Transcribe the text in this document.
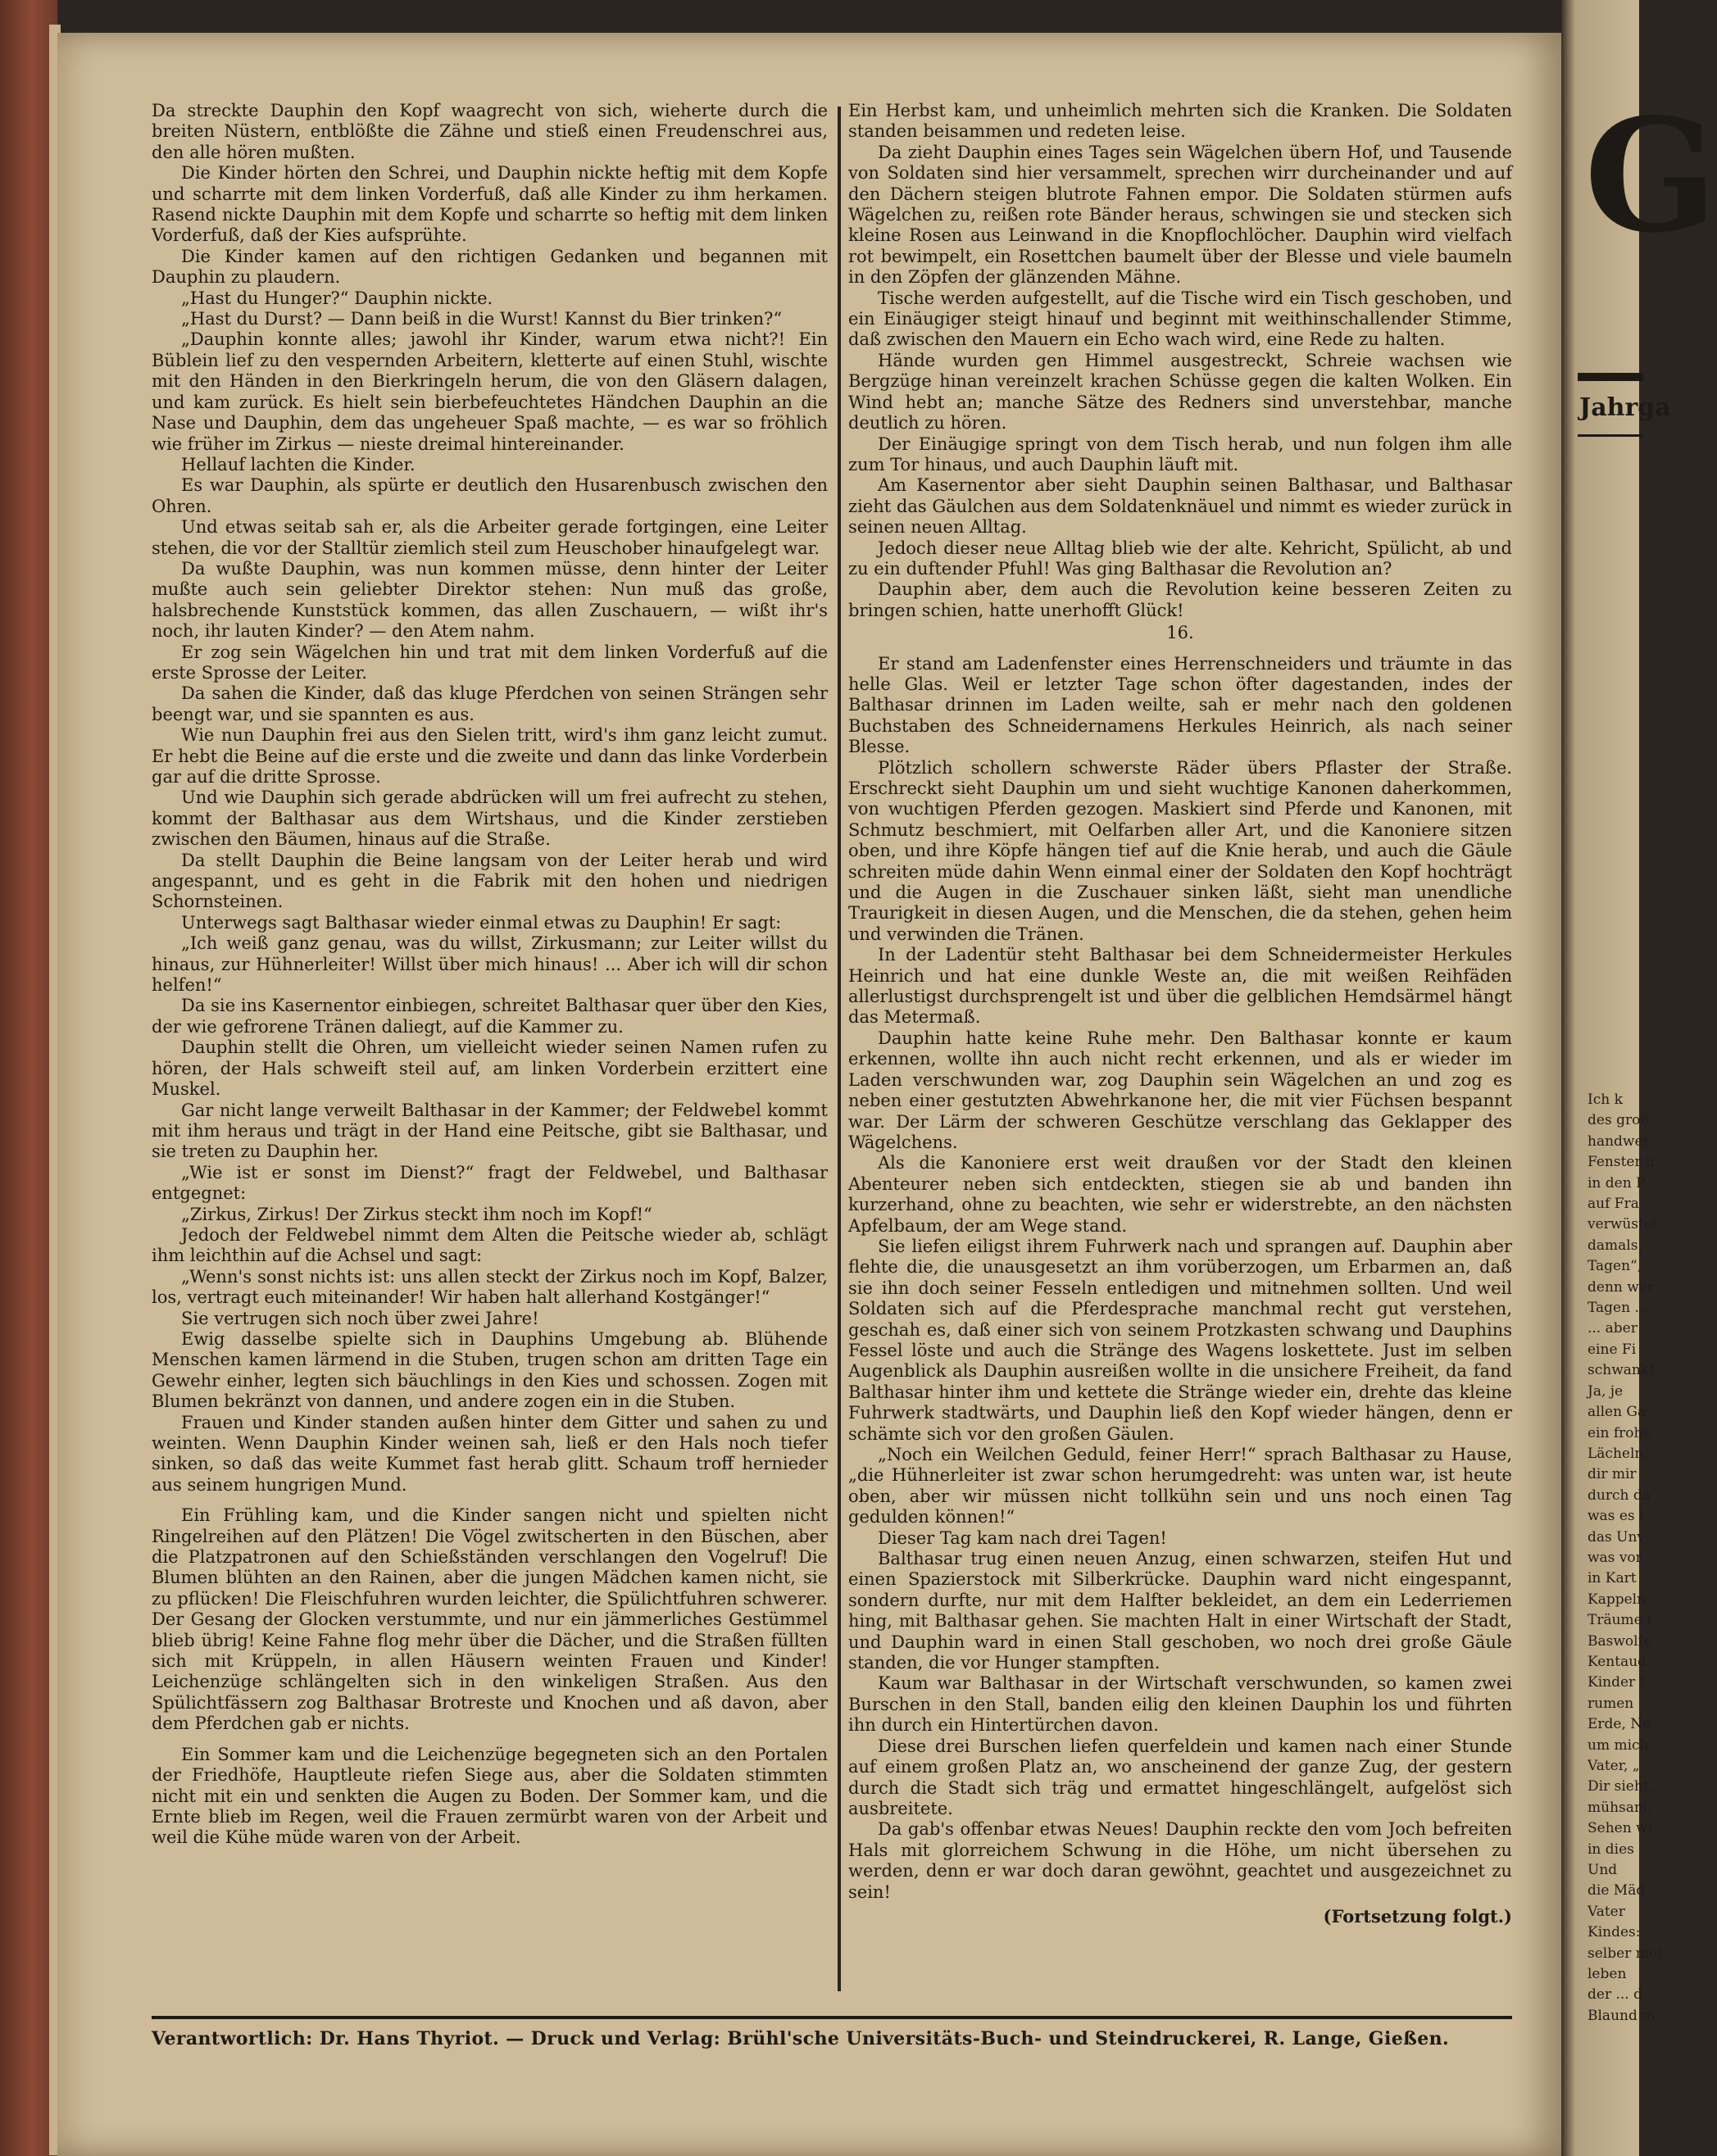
Da streckte Dauphin den Kopf waagrecht von sich, wieherte durch die breiten Nüstern, entblößte die Zähne und stieß einen Freudenschrei aus, den alle hören mußten.

Die Kinder hörten den Schrei, und Dauphin nickte heftig mit dem Kopfe und scharrte mit dem linken Vorderfuß, daß alle Kinder zu ihm herkamen. Rasend nickte Dauphin mit dem Kopfe und scharrte so heftig mit dem linken Vorderfuß, daß der Kies aufsprühte.

Die Kinder kamen auf den richtigen Gedanken und begannen mit Dauphin zu plaudern.

„Hast du Hunger?“ Dauphin nickte.

„Hast du Durst? — Dann beiß in die Wurst! Kannst du Bier trinken?“

„Dauphin konnte alles; jawohl ihr Kinder, warum etwa nicht?! Ein Büblein lief zu den vespernden Arbeitern, kletterte auf einen Stuhl, wischte mit den Händen in den Bierkringeln herum, die von den Gläsern dalagen, und kam zurück. Es hielt sein bierbefeuchtetes Händchen Dauphin an die Nase und Dauphin, dem das ungeheuer Spaß machte, — es war so fröhlich wie früher im Zirkus — nieste dreimal hintereinander.

Hellauf lachten die Kinder.

Es war Dauphin, als spürte er deutlich den Husarenbusch zwischen den Ohren.

Und etwas seitab sah er, als die Arbeiter gerade fortgingen, eine Leiter stehen, die vor der Stalltür ziemlich steil zum Heuschober hinaufgelegt war.

Da wußte Dauphin, was nun kommen müsse, denn hinter der Leiter mußte auch sein geliebter Direktor stehen: Nun muß das große, halsbrechende Kunststück kommen, das allen Zuschauern, — wißt ihr's noch, ihr lauten Kinder? — den Atem nahm.

Er zog sein Wägelchen hin und trat mit dem linken Vorderfuß auf die erste Sprosse der Leiter.

Da sahen die Kinder, daß das kluge Pferdchen von seinen Strängen sehr beengt war, und sie spannten es aus.

Wie nun Dauphin frei aus den Sielen tritt, wird's ihm ganz leicht zumut. Er hebt die Beine auf die erste und die zweite und dann das linke Vorderbein gar auf die dritte Sprosse.

Und wie Dauphin sich gerade abdrücken will um frei aufrecht zu stehen, kommt der Balthasar aus dem Wirtshaus, und die Kinder zerstieben zwischen den Bäumen, hinaus auf die Straße.

Da stellt Dauphin die Beine langsam von der Leiter herab und wird angespannt, und es geht in die Fabrik mit den hohen und niedrigen Schornsteinen.

Unterwegs sagt Balthasar wieder einmal etwas zu Dauphin! Er sagt:

„Ich weiß ganz genau, was du willst, Zirkusmann; zur Leiter willst du hinaus, zur Hühnerleiter! Willst über mich hinaus! ... Aber ich will dir schon helfen!“

Da sie ins Kasernentor einbiegen, schreitet Balthasar quer über den Kies, der wie gefrorene Tränen daliegt, auf die Kammer zu.

Dauphin stellt die Ohren, um vielleicht wieder seinen Namen rufen zu hören, der Hals schweift steil auf, am linken Vorderbein erzittert eine Muskel.

Gar nicht lange verweilt Balthasar in der Kammer; der Feldwebel kommt mit ihm heraus und trägt in der Hand eine Peitsche, gibt sie Balthasar, und sie treten zu Dauphin her.

„Wie ist er sonst im Dienst?“ fragt der Feldwebel, und Balthasar entgegnet:

„Zirkus, Zirkus! Der Zirkus steckt ihm noch im Kopf!“

Jedoch der Feldwebel nimmt dem Alten die Peitsche wieder ab, schlägt ihm leichthin auf die Achsel und sagt:

„Wenn's sonst nichts ist: uns allen steckt der Zirkus noch im Kopf, Balzer, los, vertragt euch miteinander! Wir haben halt allerhand Kostgänger!“

Sie vertrugen sich noch über zwei Jahre!

Ewig dasselbe spielte sich in Dauphins Umgebung ab. Blühende Menschen kamen lärmend in die Stuben, trugen schon am dritten Tage ein Gewehr einher, legten sich bäuchlings in den Kies und schossen. Zogen mit Blumen bekränzt von dannen, und andere zogen ein in die Stuben.

Frauen und Kinder standen außen hinter dem Gitter und sahen zu und weinten. Wenn Dauphin Kinder weinen sah, ließ er den Hals noch tiefer sinken, so daß das weite Kummet fast herab glitt. Schaum troff hernieder aus seinem hungrigen Mund.

Ein Frühling kam, und die Kinder sangen nicht und spielten nicht Ringelreihen auf den Plätzen! Die Vögel zwitscherten in den Büschen, aber die Platzpatronen auf den Schießständen verschlangen den Vogelruf! Die Blumen blühten an den Rainen, aber die jungen Mädchen kamen nicht, sie zu pflücken! Die Fleischfuhren wurden leichter, die Spülichtfuhren schwerer. Der Gesang der Glocken verstummte, und nur ein jämmerliches Gestümmel blieb übrig! Keine Fahne flog mehr über die Dächer, und die Straßen füllten sich mit Krüppeln, in allen Häusern weinten Frauen und Kinder! Leichenzüge schlängelten sich in den winkeligen Straßen. Aus den Spülichtfässern zog Balthasar Brotreste und Knochen und aß davon, aber dem Pferdchen gab er nichts.

Ein Sommer kam und die Leichenzüge begegneten sich an den Portalen der Friedhöfe, Hauptleute riefen Siege aus, aber die Soldaten stimmten nicht mit ein und senkten die Augen zu Boden. Der Sommer kam, und die Ernte blieb im Regen, weil die Frauen zermürbt waren von der Arbeit und weil die Kühe müde waren von der Arbeit.

Ein Herbst kam, und unheimlich mehrten sich die Kranken. Die Soldaten standen beisammen und redeten leise.

Da zieht Dauphin eines Tages sein Wägelchen übern Hof, und Tausende von Soldaten sind hier versammelt, sprechen wirr durcheinander und auf den Dächern steigen blutrote Fahnen empor. Die Soldaten stürmen aufs Wägelchen zu, reißen rote Bänder heraus, schwingen sie und stecken sich kleine Rosen aus Leinwand in die Knopflochlöcher. Dauphin wird vielfach rot bewimpelt, ein Rosettchen baumelt über der Blesse und viele baumeln in den Zöpfen der glänzenden Mähne.

Tische werden aufgestellt, auf die Tische wird ein Tisch geschoben, und ein Einäugiger steigt hinauf und beginnt mit weithinschallender Stimme, daß zwischen den Mauern ein Echo wach wird, eine Rede zu halten.

Hände wurden gen Himmel ausgestreckt, Schreie wachsen wie Bergzüge hinan vereinzelt krachen Schüsse gegen die kalten Wolken. Ein Wind hebt an; manche Sätze des Redners sind unverstehbar, manche deutlich zu hören.

Der Einäugige springt von dem Tisch herab, und nun folgen ihm alle zum Tor hinaus, und auch Dauphin läuft mit.

Am Kasernentor aber sieht Dauphin seinen Balthasar, und Balthasar zieht das Gäulchen aus dem Soldatenknäuel und nimmt es wieder zurück in seinen neuen Alltag.

Jedoch dieser neue Alltag blieb wie der alte. Kehricht, Spülicht, ab und zu ein duftender Pfuhl! Was ging Balthasar die Revolution an?

Dauphin aber, dem auch die Revolution keine besseren Zeiten zu bringen schien, hatte unerhofft Glück!

16.

Er stand am Ladenfenster eines Herrenschneiders und träumte in das helle Glas. Weil er letzter Tage schon öfter dagestanden, indes der Balthasar drinnen im Laden weilte, sah er mehr nach den goldenen Buchstaben des Schneidernamens Herkules Heinrich, als nach seiner Blesse.

Plötzlich schollern schwerste Räder übers Pflaster der Straße. Erschreckt sieht Dauphin um und sieht wuchtige Kanonen daherkommen, von wuchtigen Pferden gezogen. Maskiert sind Pferde und Kanonen, mit Schmutz beschmiert, mit Oelfarben aller Art, und die Kanoniere sitzen oben, und ihre Köpfe hängen tief auf die Knie herab, und auch die Gäule schreiten müde dahin Wenn einmal einer der Soldaten den Kopf hochträgt und die Augen in die Zuschauer sinken läßt, sieht man unendliche Traurigkeit in diesen Augen, und die Menschen, die da stehen, gehen heim und verwinden die Tränen.

In der Ladentür steht Balthasar bei dem Schneidermeister Herkules Heinrich und hat eine dunkle Weste an, die mit weißen Reihfäden allerlustigst durchsprengelt ist und über die gelblichen Hemdsärmel hängt das Metermaß.

Dauphin hatte keine Ruhe mehr. Den Balthasar konnte er kaum erkennen, wollte ihn auch nicht recht erkennen, und als er wieder im Laden verschwunden war, zog Dauphin sein Wägelchen an und zog es neben einer gestutzten Abwehrkanone her, die mit vier Füchsen bespannt war. Der Lärm der schweren Geschütze verschlang das Geklapper des Wägelchens.

Als die Kanoniere erst weit draußen vor der Stadt den kleinen Abenteurer neben sich entdeckten, stiegen sie ab und banden ihn kurzerhand, ohne zu beachten, wie sehr er widerstrebte, an den nächsten Apfelbaum, der am Wege stand.

Sie liefen eiligst ihrem Fuhrwerk nach und sprangen auf. Dauphin aber flehte die, die unausgesetzt an ihm vorüberzogen, um Erbarmen an, daß sie ihn doch seiner Fesseln entledigen und mitnehmen sollten. Und weil Soldaten sich auf die Pferdesprache manchmal recht gut verstehen, geschah es, daß einer sich von seinem Protzkasten schwang und Dauphins Fessel löste und auch die Stränge des Wagens loskettete. Just im selben Augenblick als Dauphin ausreißen wollte in die unsichere Freiheit, da fand Balthasar hinter ihm und kettete die Stränge wieder ein, drehte das kleine Fuhrwerk stadtwärts, und Dauphin ließ den Kopf wieder hängen, denn er schämte sich vor den großen Gäulen.

„Noch ein Weilchen Geduld, feiner Herr!“ sprach Balthasar zu Hause, „die Hühnerleiter ist zwar schon herumgedreht: was unten war, ist heute oben, aber wir müssen nicht tollkühn sein und uns noch einen Tag gedulden können!“

Dieser Tag kam nach drei Tagen!

Balthasar trug einen neuen Anzug, einen schwarzen, steifen Hut und einen Spazierstock mit Silberkrücke. Dauphin ward nicht eingespannt, sondern durfte, nur mit dem Halfter bekleidet, an dem ein Lederriemen hing, mit Balthasar gehen. Sie machten Halt in einer Wirtschaft der Stadt, und Dauphin ward in einen Stall geschoben, wo noch drei große Gäule standen, die vor Hunger stampften.

Kaum war Balthasar in der Wirtschaft verschwunden, so kamen zwei Burschen in den Stall, banden eilig den kleinen Dauphin los und führten ihn durch ein Hintertürchen davon.

Diese drei Burschen liefen querfeldein und kamen nach einer Stunde auf einem großen Platz an, wo anscheinend der ganze Zug, der gestern durch die Stadt sich träg und ermattet hingeschlängelt, aufgelöst sich ausbreitete.

Da gab's offenbar etwas Neues! Dauphin reckte den vom Joch befreiten Hals mit glorreichem Schwung in die Höhe, um nicht übersehen zu werden, denn er war doch daran gewöhnt, geachtet und ausgezeichnet zu sein!

(Fortsetzung folgt.)

Verantwortlich: Dr. Hans Thyriot. — Druck und Verlag: Brühl'sche Universitäts-Buch- und Steindruckerei, R. Lange, Gießen.
G
Jahrga
Ich k
des groß
handwer
Fenster n
in den P
auf Fra
verwüstet
damals.
Tagen“,
denn wer
Tagen ...
... aber
eine Fi
schwankt
Ja, je
allen Ga
ein frohe
Lächeln,
dir mir
durch da
was es i
das Unv
was vor
in Kart
Kappeln
Träume i
Baswolfe
Kentaud
Kinder t
rumen
Erde, Ne
um mich
Vater, „
Dir sieht,
mühsam,
Sehen wi
in dies
Und
die Mäd
Vater
Kindes:
selber mei
leben
der ... d
Blaund m
